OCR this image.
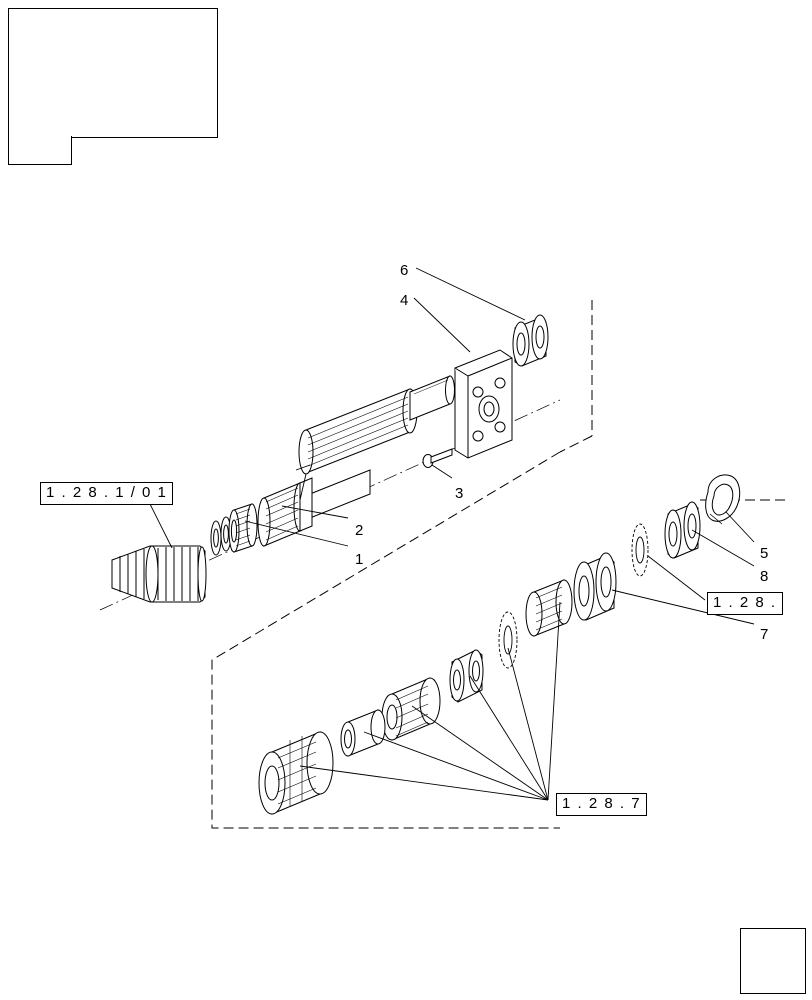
6
4
3
2
1	5
8
7
1 . 2 8 . 1 / 0 1
1 . 2 8 .
1 . 2 8 . 7
